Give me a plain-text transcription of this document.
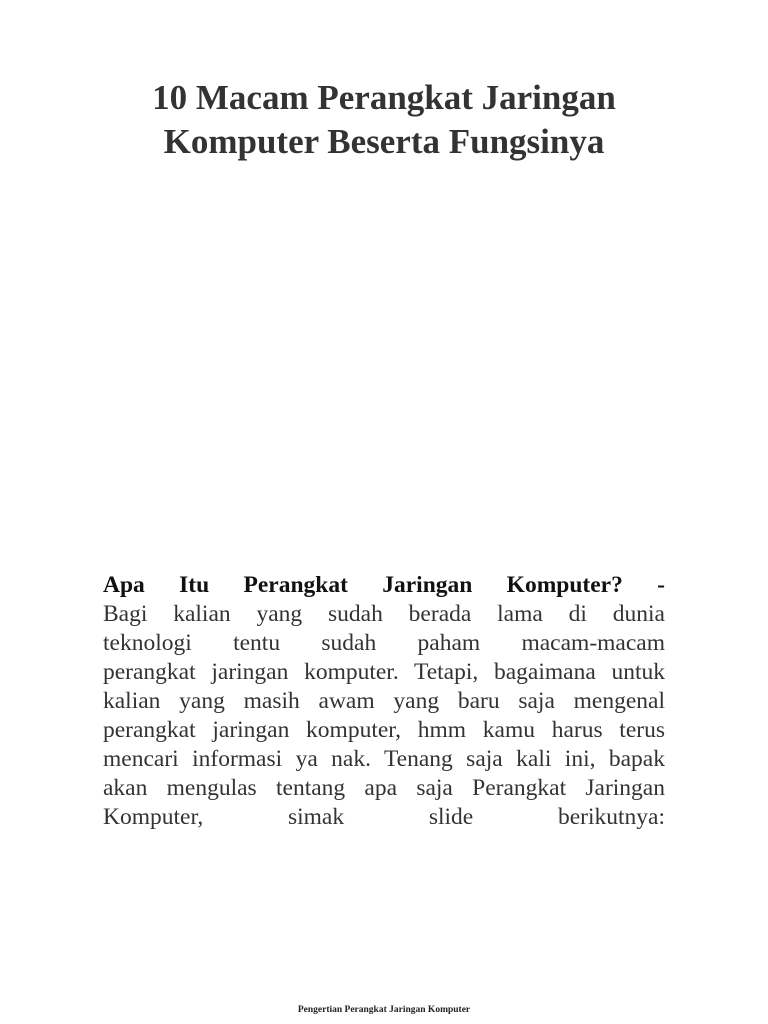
10 Macam Perangkat Jaringan
Komputer Beserta Fungsinya
Apa Itu Perangkat Jaringan Komputer? -
Bagi kalian yang sudah berada lama di dunia
teknologi tentu sudah paham macam-macam
perangkat jaringan komputer. Tetapi, bagaimana untuk
kalian yang masih awam yang baru saja mengenal
perangkat jaringan komputer, hmm kamu harus terus
mencari informasi ya nak. Tenang saja kali ini, bapak
akan mengulas tentang apa saja Perangkat Jaringan
Komputer, simak slide berikutnya:
Pengertian Perangkat Jaringan Komputer
